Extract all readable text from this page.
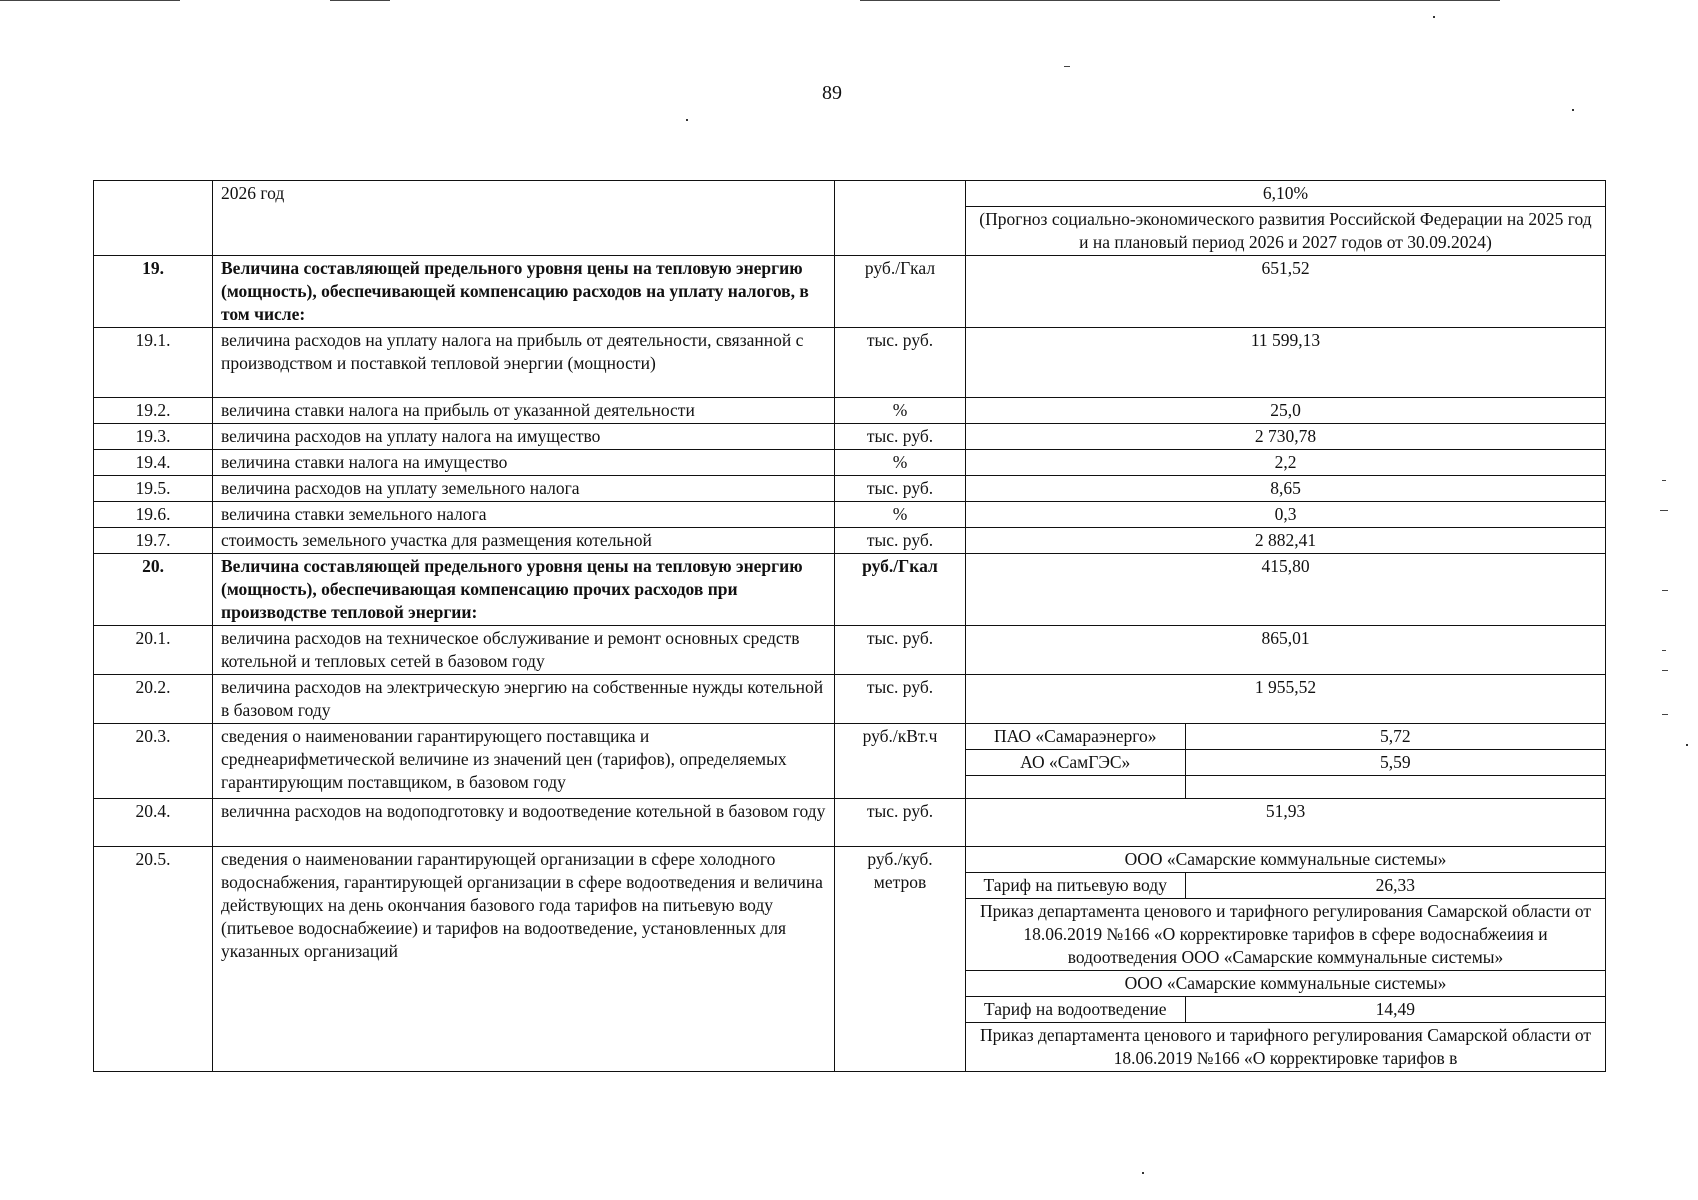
89
	2026 год			6,10%
(Прогноз социально-экономического развития Российской Федерации на 2025 год и на плановый период 2026 и 2027 годов от 30.09.2024)

19.	Величина составляющей предельного уровня цены на тепловую энергию (мощность), обеспечивающей компенсацию расходов на уплату налогов, в том числе:	руб./Гкал	651,52
19.1.	величина расходов на уплату налога на прибыль от деятельности, связанной с производством и поставкой тепловой энергии (мощности)	тыс. руб.	11 599,13
19.2.	величина ставки налога на прибыль от указанной деятельности	%	25,0
19.3.	величина расходов на уплату налога на имущество	тыс. руб.	2 730,78
19.4.	величина ставки налога на имущество	%	2,2
19.5.	величина расходов на уплату земельного налога	тыс. руб.	8,65
19.6.	величина ставки земельного налога	%	0,3
19.7.	стоимость земельного участка для размещения котельной	тыс. руб.	2 882,41
20.	Величина составляющей предельного уровня цены на тепловую энергию (мощность), обеспечивающая компенсацию прочих расходов при производстве тепловой энергии:	руб./Гкал	415,80
20.1.	величина расходов на техническое обслуживание и ремонт основных средств котельной и тепловых сетей в базовом году	тыс. руб.	865,01
20.2.	величина расходов на электрическую энергию на собственные нужды котельной в базовом году	тыс. руб.	1 955,52
20.3.	сведения о наименовании гарантирующего поставщика и среднеарифметической величине из значений цен (тарифов), определяемых гарантирующим поставщиком, в базовом году	руб./кВт.ч		ПАО «Самараэнерго»	5,72
АО «СамГЭС»	5,59

20.4.	величнна расходов на водоподготовку и водоотведение котельной в базовом году	тыс. руб.	51,93
20.5.	сведения о наименовании гарантирующей организации в сфере холодного водоснабжения, гарантирующей организации в сфере водоотведения и величина действующих на день окончания базового года тарифов на питьевую воду (питьевое водоснабжеиие) и тарифов на водоотведение, установленных для указанных организаций	руб./куб. метров	
ООО «Самарские коммунальные системы»
Тариф на питьевую воду	26,33
Приказ департамента ценового и тарифного регулирования Самарской области от 18.06.2019 №166 «О корректировке тарифов в сфере водоснабжеиия и водоотведения ООО «Самарские коммунальные системы»
ООО «Самарские коммунальные системы»
Тариф на водоотведение	14,49
Приказ департамента ценового и тарифного регулирования Самарской области от 18.06.2019 №166 «О корректировке тарифов в
